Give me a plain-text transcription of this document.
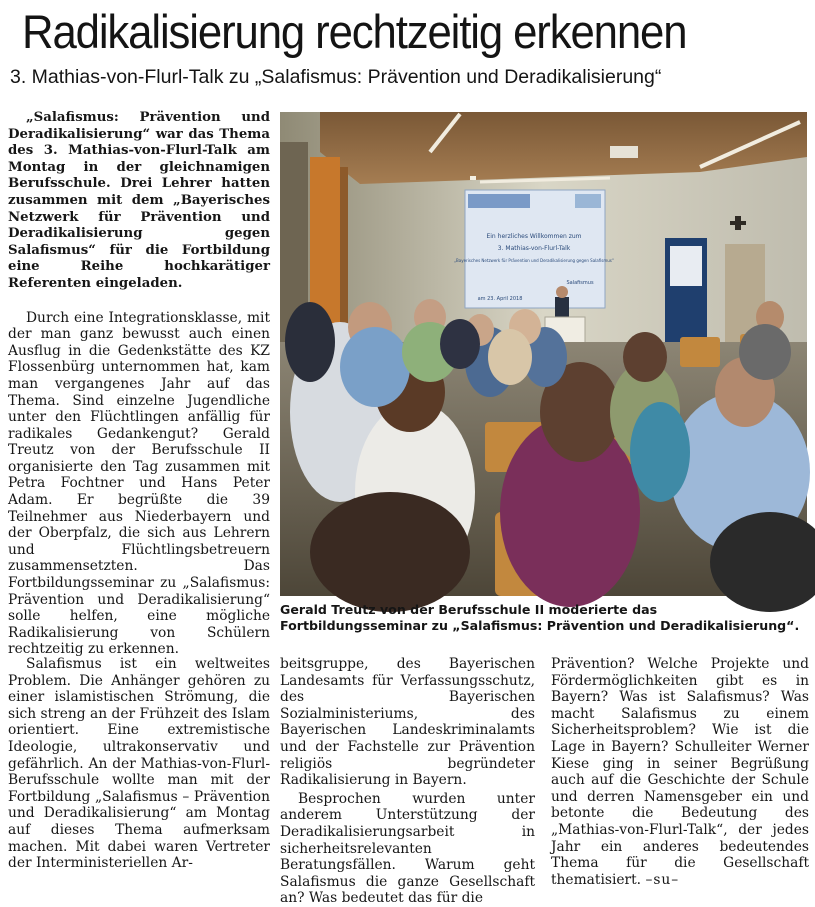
Radikalisierung rechtzeitig erkennen
3. Mathias-von-Flurl-Talk zu „Salafismus: Prävention und Deradikalisierung“

„Salafismus: Prävention und Deradikalisierung“ war das Thema des 3. Mathias-von-Flurl-Talk am Montag in der gleichnamigen Berufsschule. Drei Lehrer hatten zusammen mit dem „Bayerisches Netzwerk für Prävention und Deradikalisierung gegen Salafismus“ für die Fortbildung eine Reihe hochkarätiger Referenten eingeladen.

Durch eine Integrationsklasse, mit der man ganz bewusst auch einen Ausflug in die Gedenkstätte des KZ Flossenbürg unternommen hat, kam man vergangenes Jahr auf das Thema. Sind einzelne Jugendliche unter den Flüchtlingen anfällig für radikales Gedankengut? Gerald Treutz von der Berufsschule II organisierte den Tag zusammen mit Petra Fochtner und Hans Peter Adam. Er begrüßte die 39 Teilnehmer aus Niederbayern und der Oberpfalz, die sich aus Lehrern und Flüchtlingsbetreuern zusammensetzten. Das Fortbildungsseminar zu „Salafismus: Prävention und Deradikalisierung“ solle helfen, eine mögliche Radikalisierung von Schülern rechtzeitig zu erkennen.

Salafismus ist ein weltweites Problem. Die Anhänger gehören zu einer islamistischen Strömung, die sich streng an der Frühzeit des Islam orientiert. Eine extremistische Ideologie, ultrakonservativ und gefährlich. An der Mathias-von-Flurl-Berufsschule wollte man mit der Fortbildung „Salafismus – Prävention und Deradikalisierung“ am Montag auf dieses Thema aufmerksam machen. Mit dabei waren Vertreter der Interministeriellen Ar-

beitsgruppe, des Bayerischen Landesamts für Verfassungsschutz, des Bayerischen Sozialministeriums, des Bayerischen Landeskriminalamts und der Fachstelle zur Prävention religiös begründeter Radikalisierung in Bayern.

Besprochen wurden unter anderem Unterstützung der Deradikalisierungsarbeit in sicherheitsrelevanten Beratungsfällen. Warum geht Salafismus die ganze Gesellschaft an? Was bedeutet das für die

Prävention? Welche Projekte und Fördermöglichkeiten gibt es in Bayern? Was ist Salafismus? Was macht Salafismus zu einem Sicherheitsproblem? Wie ist die Lage in Bayern? Schulleiter Werner Kiese ging in seiner Begrüßung auch auf die Geschichte der Schule und derren Namensgeber ein und betonte die Bedeutung des „Mathias-von-Flurl-Talk“, der jedes Jahr ein anderes bedeutendes Thema für die Gesellschaft thematisiert. –su–

Ein herzliches Willkommen zum
3. Mathias-von-Flurl-Talk
„Bayerisches Netzwerk für Prävention und Deradikalisierung gegen Salafismus“
Salafismus
am 23. April 2018

Gerald Treutz von der Berufsschule II moderierte das Fortbildungsseminar zu „Salafismus: Prävention und Deradikalisierung“.
